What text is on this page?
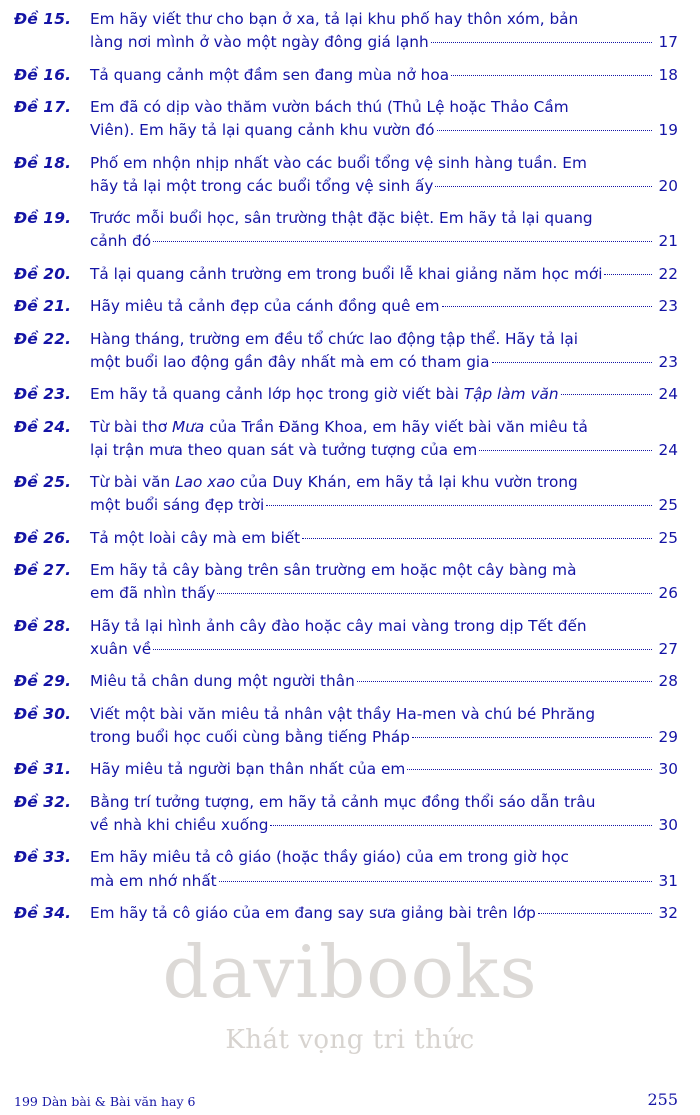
davibooks
Khát vọng tri thức
Đề 15.	Em hãy viết thư cho bạn ở xa, tả lại khu phố hay thôn xóm, bản
làng nơi mình ở vào một ngày đông giá lạnh	17
Đề 16.	Tả quang cảnh một đầm sen đang mùa nở hoa	18
Đề 17.	Em đã có dịp vào thăm vườn bách thú (Thủ Lệ hoặc Thảo Cầm
Viên). Em hãy tả lại quang cảnh khu vườn đó	19
Đề 18.	Phố em nhộn nhịp nhất vào các buổi tổng vệ sinh hàng tuần. Em
hãy tả lại một trong các buổi tổng vệ sinh ấy	20
Đề 19.	Trước mỗi buổi học, sân trường thật đặc biệt. Em hãy tả lại quang
cảnh đó	21
Đề 20.	Tả lại quang cảnh trường em trong buổi lễ khai giảng năm học mới	22
Đề 21.	Hãy miêu tả cảnh đẹp của cánh đồng quê em	23
Đề 22.	Hàng tháng, trường em đều tổ chức lao động tập thể. Hãy tả lại
một buổi lao động gần đây nhất mà em có tham gia	23
Đề 23.	Em hãy tả quang cảnh lớp học trong giờ viết bài Tập làm văn	24
Đề 24.	Từ bài thơ Mưa của Trần Đăng Khoa, em hãy viết bài văn miêu tả
lại trận mưa theo quan sát và tưởng tượng của em	24
Đề 25.	Từ bài văn Lao xao của Duy Khán, em hãy tả lại khu vườn trong
một buổi sáng đẹp trời	25
Đề 26.	Tả một loài cây mà em biết	25
Đề 27.	Em hãy tả cây bàng trên sân trường em hoặc một cây bàng mà
em đã nhìn thấy	26
Đề 28.	Hãy tả lại hình ảnh cây đào hoặc cây mai vàng trong dịp Tết đến
xuân về	27
Đề 29.	Miêu tả chân dung một người thân	28
Đề 30.	Viết một bài văn miêu tả nhân vật thầy Ha-men và chú bé Phrăng
trong buổi học cuối cùng bằng tiếng Pháp	29
Đề 31.	Hãy miêu tả người bạn thân nhất của em	30
Đề 32.	Bằng trí tưởng tượng, em hãy tả cảnh mục đồng thổi sáo dẫn trâu
về nhà khi chiều xuống	30
Đề 33.	Em hãy miêu tả cô giáo (hoặc thầy giáo) của em trong giờ học
mà em nhớ nhất	31
Đề 34.	Em hãy tả cô giáo của em đang say sưa giảng bài trên lớp	32
199 Dàn bài & Bài văn hay 6	255
